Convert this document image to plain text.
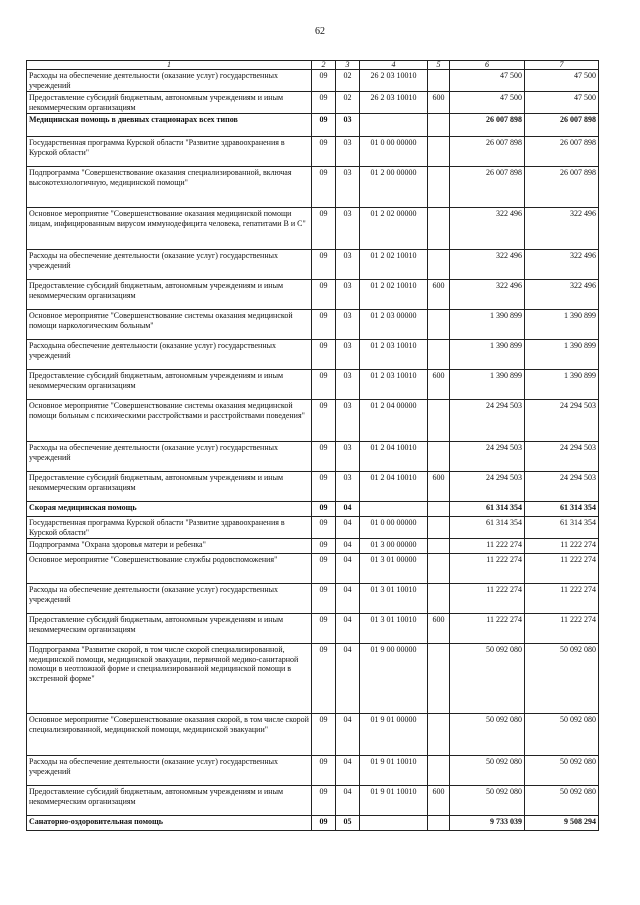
62
1	2	3	4	5	6	7
Расходы на обеспечение деятельности (оказание услуг) государственных учреждений	09	02	26 2 03 10010		47 500	47 500
Предоставление субсидий бюджетным, автономным учреждениям и иным некоммерческим организациям	09	02	26 2 03 10010	600	47 500	47 500
Медицинская помощь в дневных стационарах всех типов	09	03			26 007 898	26 007 898
Государственная программа Курской области "Развитие здравоохранения в Курской области"	09	03	01 0 00 00000		26 007 898	26 007 898
Подпрограмма "Совершенствование оказания специализированной, включая высокотехнологичную, медицинской помощи"	09	03	01 2 00 00000		26 007 898	26 007 898
Основное мероприятие "Совершенствование оказания медицинской помощи лицам, инфицированным вирусом иммунодефицита человека, гепатитами В и С"	09	03	01 2 02 00000		322 496	322 496
Расходы на обеспечение деятельности (оказание услуг) государственных учреждений	09	03	01 2 02 10010		322 496	322 496
Предоставление субсидий бюджетным, автономным учреждениям и иным некоммерческим организациям	09	03	01 2 02 10010	600	322 496	322 496
Основное мероприятие "Совершенствование системы оказания медицинской помощи наркологическим больным"	09	03	01 2 03 00000		1 390 899	1 390 899
Расходына обеспечение деятельности (оказание услуг) государственных учреждений	09	03	01 2 03 10010		1 390 899	1 390 899
Предоставление субсидий бюджетным, автономным учреждениям и иным некоммерческим организациям	09	03	01 2 03 10010	600	1 390 899	1 390 899
Основное мероприятие "Совершенствование системы оказания медицинской помощи больным с психическими расстройствами и расстройствами поведения"	09	03	01 2 04 00000		24 294 503	24 294 503
Расходы на обеспечение деятельности (оказание услуг) государственных учреждений	09	03	01 2 04 10010		24 294 503	24 294 503
Предоставление субсидий бюджетным, автономным учреждениям и иным некоммерческим организациям	09	03	01 2 04 10010	600	24 294 503	24 294 503
Скорая медицинская помощь	09	04			61 314 354	61 314 354
Государственная программа Курской области "Развитие здравоохранения в Курской области"	09	04	01 0 00 00000		61 314 354	61 314 354
Подпрограмма "Охрана здоровья матери и ребенка"	09	04	01 3 00 00000		11 222 274	11 222 274
Основное мероприятие "Совершенствование службы родовспоможения"	09	04	01 3 01 00000		11 222 274	11 222 274
Расходы на обеспечение деятельности (оказание услуг) государственных учреждений	09	04	01 3 01 10010		11 222 274	11 222 274
Предоставление субсидий бюджетным, автономным учреждениям и иным некоммерческим организациям	09	04	01 3 01 10010	600	11 222 274	11 222 274
Подпрограмма "Развитие скорой, в том числе скорой специализированной, медицинской помощи, медицинской эвакуации, первичной медико-санитарной помощи в неотложной форме и специализированной медицинской помощи в экстренной форме"	09	04	01 9 00 00000		50 092 080	50 092 080
Основное мероприятие "Совершенствование оказания скорой, в том числе скорой специализированной, медицинской помощи, медицинской эвакуации"	09	04	01 9 01 00000		50 092 080	50 092 080
Расходы на обеспечение деятельности (оказание услуг) государственных учреждений	09	04	01 9 01 10010		50 092 080	50 092 080
Предоставление субсидий бюджетным, автономным учреждениям и иным некоммерческим организациям	09	04	01 9 01 10010	600	50 092 080	50 092 080
Санаторно-оздоровительная помощь	09	05			9 733 039	9 508 294
